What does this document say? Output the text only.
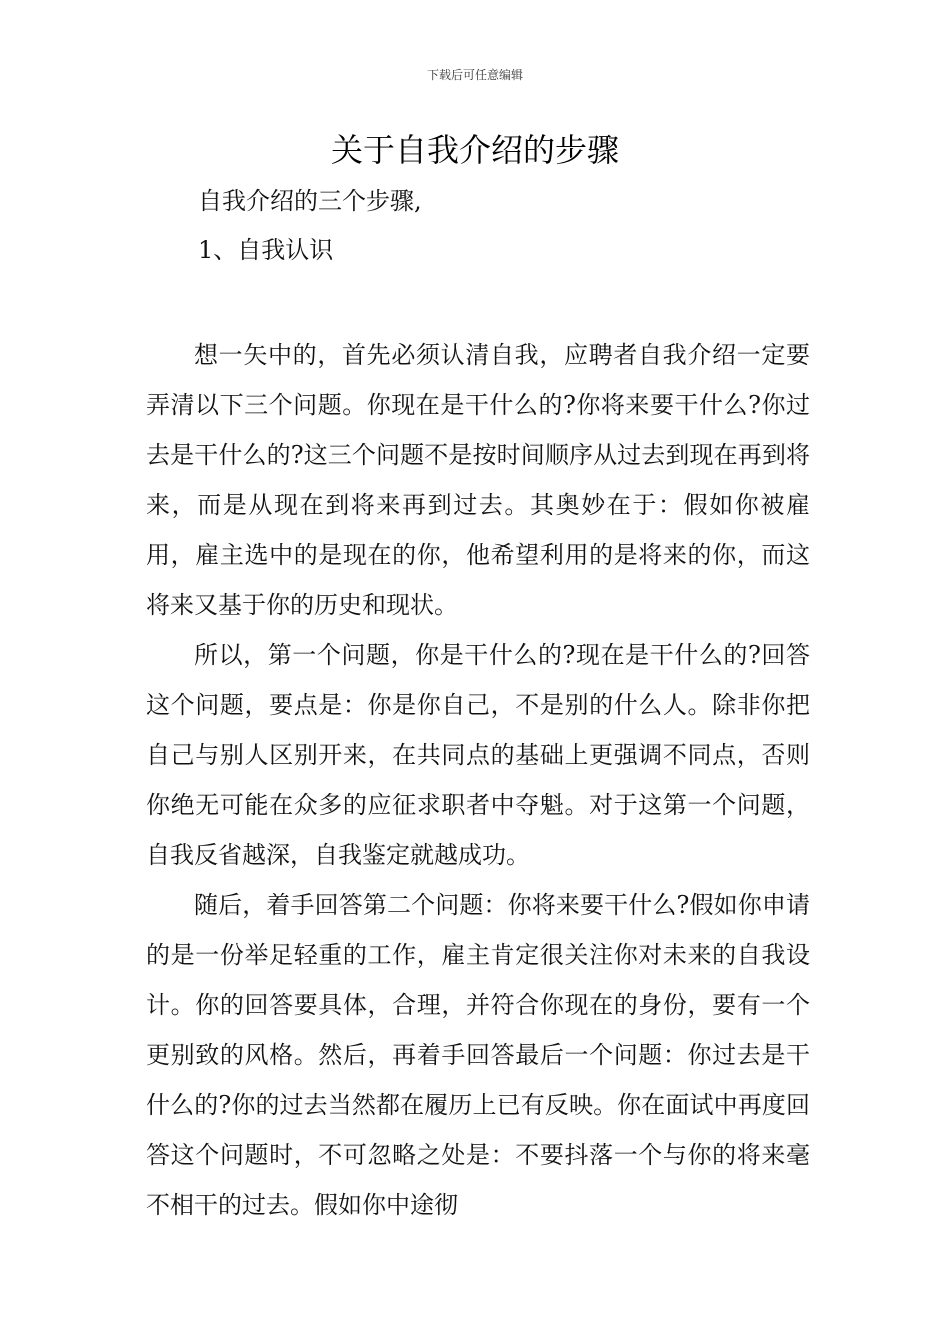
下载后可任意编辑
关于自我介绍的步骤
自我介绍的三个步骤,
1、自我认识

想一矢中的，首先必须认清自我，应聘者自我介绍一定要弄清以下三个问题。你现在是干什么的?你将来要干什么?你过去是干什么的?这三个问题不是按时间顺序从过去到现在再到将来，而是从现在到将来再到过去。其奥妙在于：假如你被雇用，雇主选中的是现在的你，他希望利用的是将来的你，而这将来又基于你的历史和现状。

所以，第一个问题，你是干什么的?现在是干什么的?回答这个问题，要点是：你是你自己，不是别的什么人。除非你把自己与别人区别开来，在共同点的基础上更强调不同点，否则你绝无可能在众多的应征求职者中夺魁。对于这第一个问题，自我反省越深，自我鉴定就越成功。

随后，着手回答第二个问题：你将来要干什么?假如你申请的是一份举足轻重的工作，雇主肯定很关注你对未来的自我设计。你的回答要具体，合理，并符合你现在的身份，要有一个更别致的风格。然后，再着手回答最后一个问题：你过去是干什么的?你的过去当然都在履历上已有反映。你在面试中再度回答这个问题时，不可忽略之处是：不要抖落一个与你的将来毫不相干的过去。假如你中途彻
